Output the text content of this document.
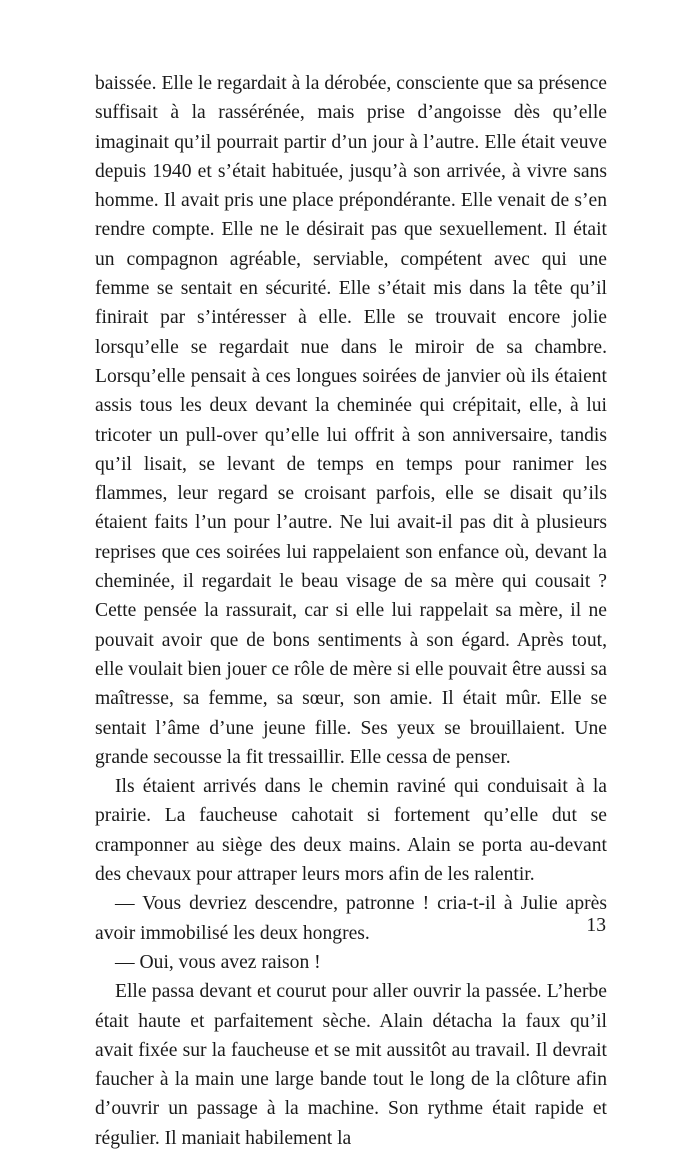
baissée. Elle le regardait à la dérobée, consciente que sa présence suffisait à la rassérénée, mais prise d’angoisse dès qu’elle imaginait qu’il pourrait partir d’un jour à l’autre. Elle était veuve depuis 1940 et s’était habituée, jusqu’à son arrivée, à vivre sans homme. Il avait pris une place prépondérante. Elle venait de s’en rendre compte. Elle ne le désirait pas que sexuellement. Il était un compagnon agréable, serviable, compétent avec qui une femme se sentait en sécurité. Elle s’était mis dans la tête qu’il finirait par s’intéresser à elle. Elle se trouvait encore jolie lorsqu’elle se regardait nue dans le miroir de sa chambre. Lorsqu’elle pensait à ces longues soirées de janvier où ils étaient assis tous les deux devant la cheminée qui crépitait, elle, à lui tricoter un pull-over qu’elle lui offrit à son anniversaire, tandis qu’il lisait, se levant de temps en temps pour ranimer les flammes, leur regard se croisant parfois, elle se disait qu’ils étaient faits l’un pour l’autre. Ne lui avait-il pas dit à plusieurs reprises que ces soirées lui rappelaient son enfance où, devant la cheminée, il regardait le beau visage de sa mère qui cousait ? Cette pensée la rassurait, car si elle lui rappelait sa mère, il ne pouvait avoir que de bons sentiments à son égard. Après tout, elle voulait bien jouer ce rôle de mère si elle pouvait être aussi sa maîtresse, sa femme, sa sœur, son amie. Il était mûr. Elle se sentait l’âme d’une jeune fille. Ses yeux se brouillaient. Une grande secousse la fit tressaillir. Elle cessa de penser.

Ils étaient arrivés dans le chemin raviné qui conduisait à la prairie. La faucheuse cahotait si fortement qu’elle dut se cramponner au siège des deux mains. Alain se porta au-devant des chevaux pour attraper leurs mors afin de les ralentir.

— Vous devriez descendre, patronne ! cria-t-il à Julie après avoir immobilisé les deux hongres.

— Oui, vous avez raison !

Elle passa devant et courut pour aller ouvrir la passée. L’herbe était haute et parfaitement sèche. Alain détacha la faux qu’il avait fixée sur la faucheuse et se mit aussitôt au travail. Il devrait faucher à la main une large bande tout le long de la clôture afin d’ouvrir un passage à la machine. Son rythme était rapide et régulier. Il maniait habilement la

13
